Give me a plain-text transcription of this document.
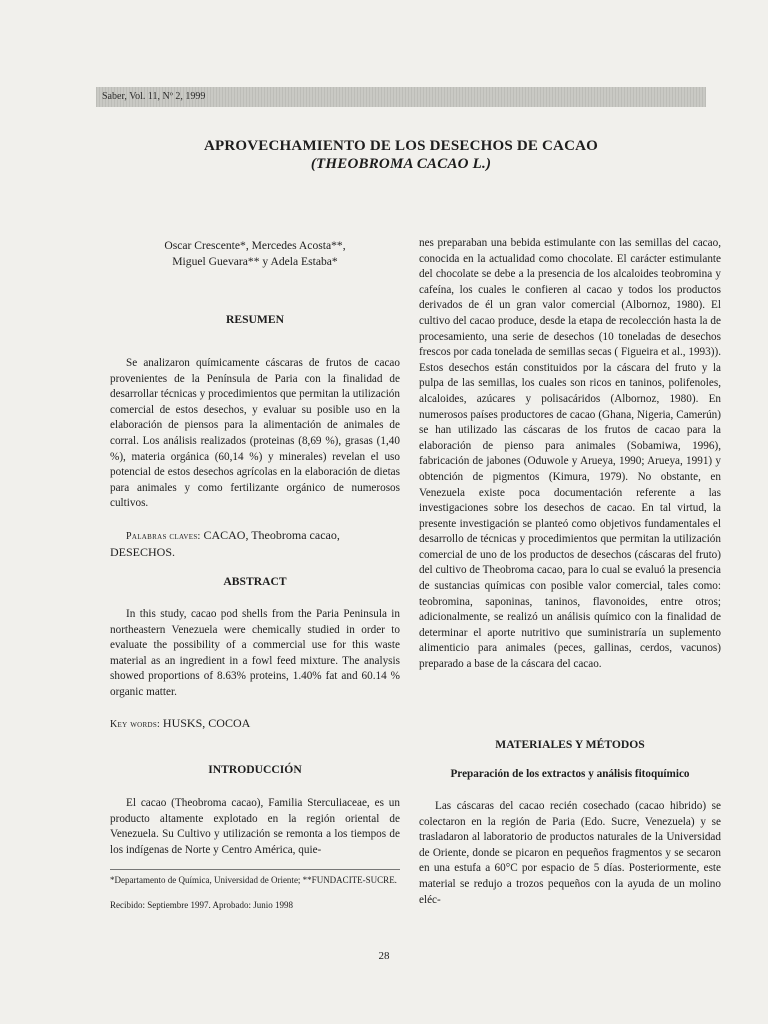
Saber, Vol. 11, Nº 2, 1999
APROVECHAMIENTO DE LOS DESECHOS DE CACAO
(THEOBROMA CACAO L.)
Oscar Crescente*, Mercedes Acosta**,
Miguel Guevara** y Adela Estaba*
RESUMEN
Se analizaron químicamente cáscaras de frutos de cacao provenientes de la Península de Paria con la finalidad de desarrollar técnicas y procedimientos que permitan la utilización comercial de estos desechos, y evaluar su posible uso en la elaboración de piensos para la alimentación de animales de corral. Los análisis realizados (proteinas (8,69 %), grasas (1,40 %), materia orgánica (60,14 %) y minerales) revelan el uso potencial de estos desechos agrícolas en la elaboración de dietas para animales y como fertilizante orgánico de numerosos cultivos.
Palabras claves: CACAO, Theobroma cacao, DESECHOS.
ABSTRACT
In this study, cacao pod shells from the Paria Peninsula in northeastern Venezuela were chemically studied in order to evaluate the possibility of a commercial use for this waste material as an ingredient in a fowl feed mixture. The analysis showed proportions of 8.63% proteins, 1.40% fat and 60.14 % organic matter.
Key words: HUSKS, COCOA
INTRODUCCIÓN
El cacao (Theobroma cacao), Familia Sterculiaceae, es un producto altamente explotado en la región oriental de Venezuela. Su Cultivo y utilización se remonta a los tiempos de los indígenas de Norte y Centro América, quie-
*Departamento de Química, Universidad de Oriente; **FUNDACITE-SUCRE.
Recibido: Septiembre 1997. Aprobado: Junio 1998
nes preparaban una bebida estimulante con las semillas del cacao, conocida en la actualidad como chocolate. El carácter estimulante del chocolate se debe a la presencia de los alcaloides teobromina y cafeína, los cuales le confieren al cacao y todos los productos derivados de él un gran valor comercial (Albornoz, 1980). El cultivo del cacao produce, desde la etapa de recolección hasta la de procesamiento, una serie de desechos (10 toneladas de desechos frescos por cada tonelada de semillas secas ( Figueira et al., 1993)). Estos desechos están constituidos por la cáscara del fruto y la pulpa de las semillas, los cuales son ricos en taninos, polifenoles, alcaloides, azúcares y polisacáridos (Albornoz, 1980). En numerosos países productores de cacao (Ghana, Nigeria, Camerún) se han utilizado las cáscaras de los frutos de cacao para la elaboración de pienso para animales (Sobamiwa, 1996), fabricación de jabones (Oduwole y Arueya, 1990; Arueya, 1991) y obtención de pigmentos (Kimura, 1979). No obstante, en Venezuela existe poca documentación referente a las investigaciones sobre los desechos de cacao. En tal virtud, la presente investigación se planteó como objetivos fundamentales el desarrollo de técnicas y procedimientos que permitan la utilización comercial de uno de los productos de desechos (cáscaras del fruto) del cultivo de Theobroma cacao, para lo cual se evaluó la presencia de sustancias químicas con posible valor comercial, tales como: teobromina, saponinas, taninos, flavonoides, entre otros; adicionalmente, se realizó un análisis químico con la finalidad de determinar el aporte nutritivo que suministraría un suplemento alimenticio para animales (peces, gallinas, cerdos, vacunos) preparado a base de la cáscara del cacao.
MATERIALES Y MÉTODOS
Preparación de los extractos y análisis fitoquímico
Las cáscaras del cacao recién cosechado (cacao hibrido) se colectaron en la región de Paria (Edo. Sucre, Venezuela) y se trasladaron al laboratorio de productos naturales de la Universidad de Oriente, donde se picaron en pequeños fragmentos y se secaron en una estufa a 60°C por espacio de 5 días. Posteriormente, este material se redujo a trozos pequeños con la ayuda de un molino eléc-
28
